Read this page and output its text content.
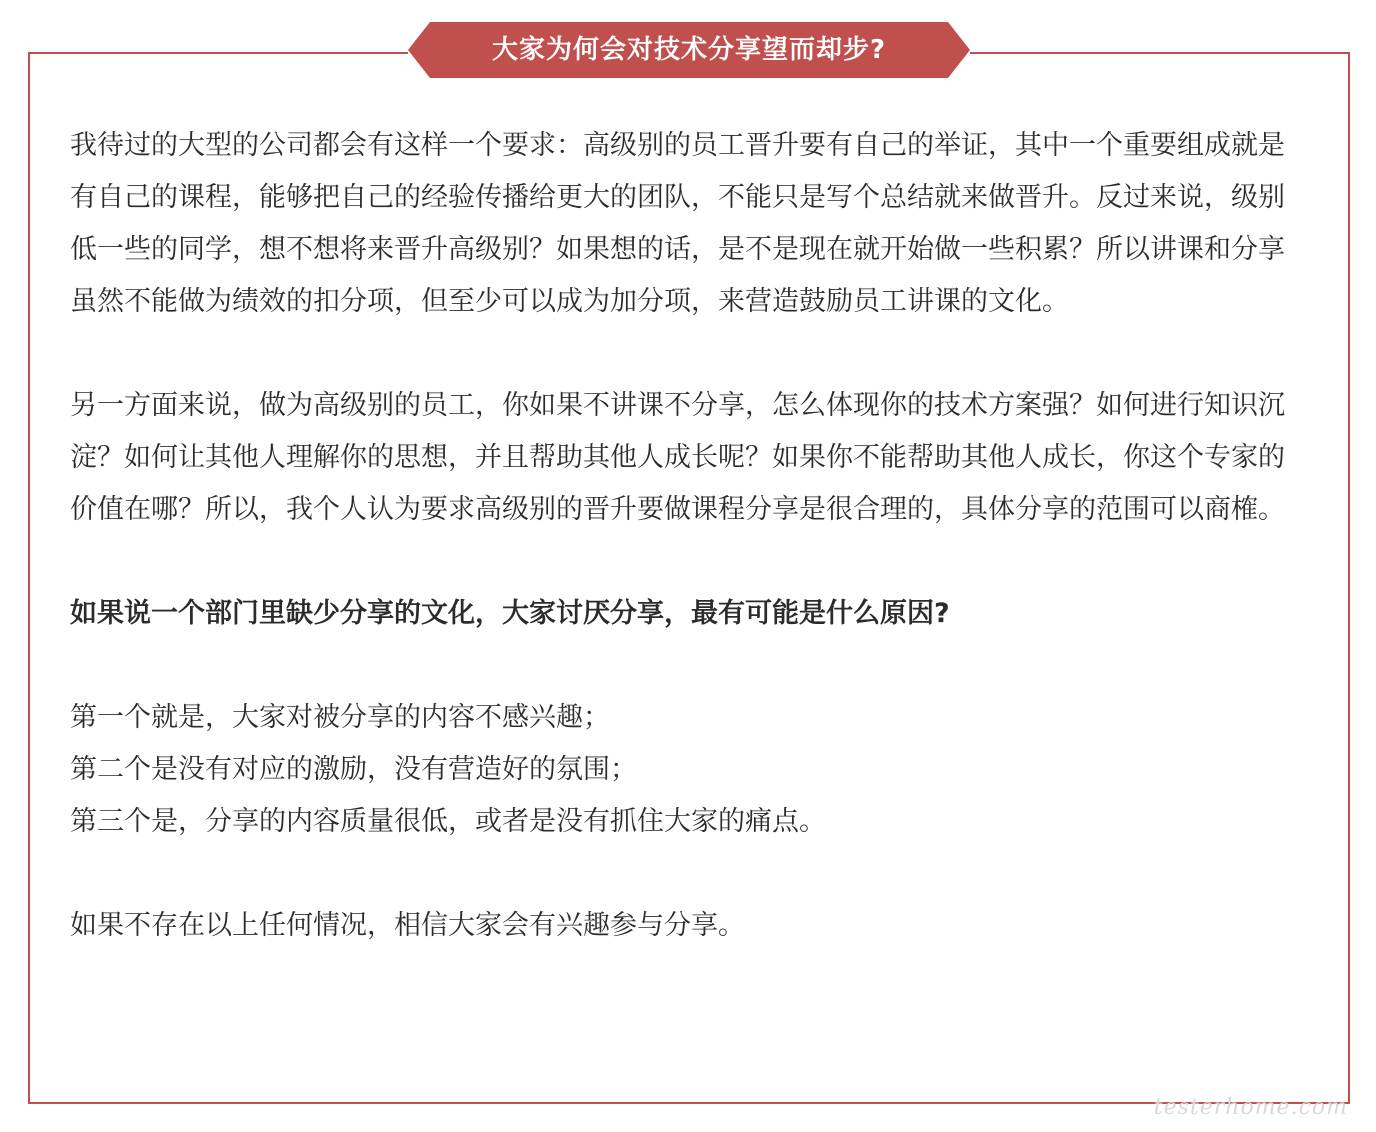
大家为何会对技术分享望而却步?

我待过的大型的公司都会有这样一个要求：高级别的员工晋升要有自己的举证，其中一个重要组成就是有自己的课程，能够把自己的经验传播给更大的团队，不能只是写个总结就来做晋升。反过来说，级别低一些的同学，想不想将来晋升高级别？如果想的话，是不是现在就开始做一些积累？所以讲课和分享虽然不能做为绩效的扣分项，但至少可以成为加分项，来营造鼓励员工讲课的文化。

另一方面来说，做为高级别的员工，你如果不讲课不分享，怎么体现你的技术方案强？如何进行知识沉淀？如何让其他人理解你的思想，并且帮助其他人成长呢？如果你不能帮助其他人成长，你这个专家的价值在哪？所以，我个人认为要求高级别的晋升要做课程分享是很合理的，具体分享的范围可以商榷。

如果说一个部门里缺少分享的文化，大家讨厌分享，最有可能是什么原因?

第一个就是，大家对被分享的内容不感兴趣；
第二个是没有对应的激励，没有营造好的氛围；
第三个是，分享的内容质量很低，或者是没有抓住大家的痛点。

如果不存在以上任何情况，相信大家会有兴趣参与分享。

testerhome.com
